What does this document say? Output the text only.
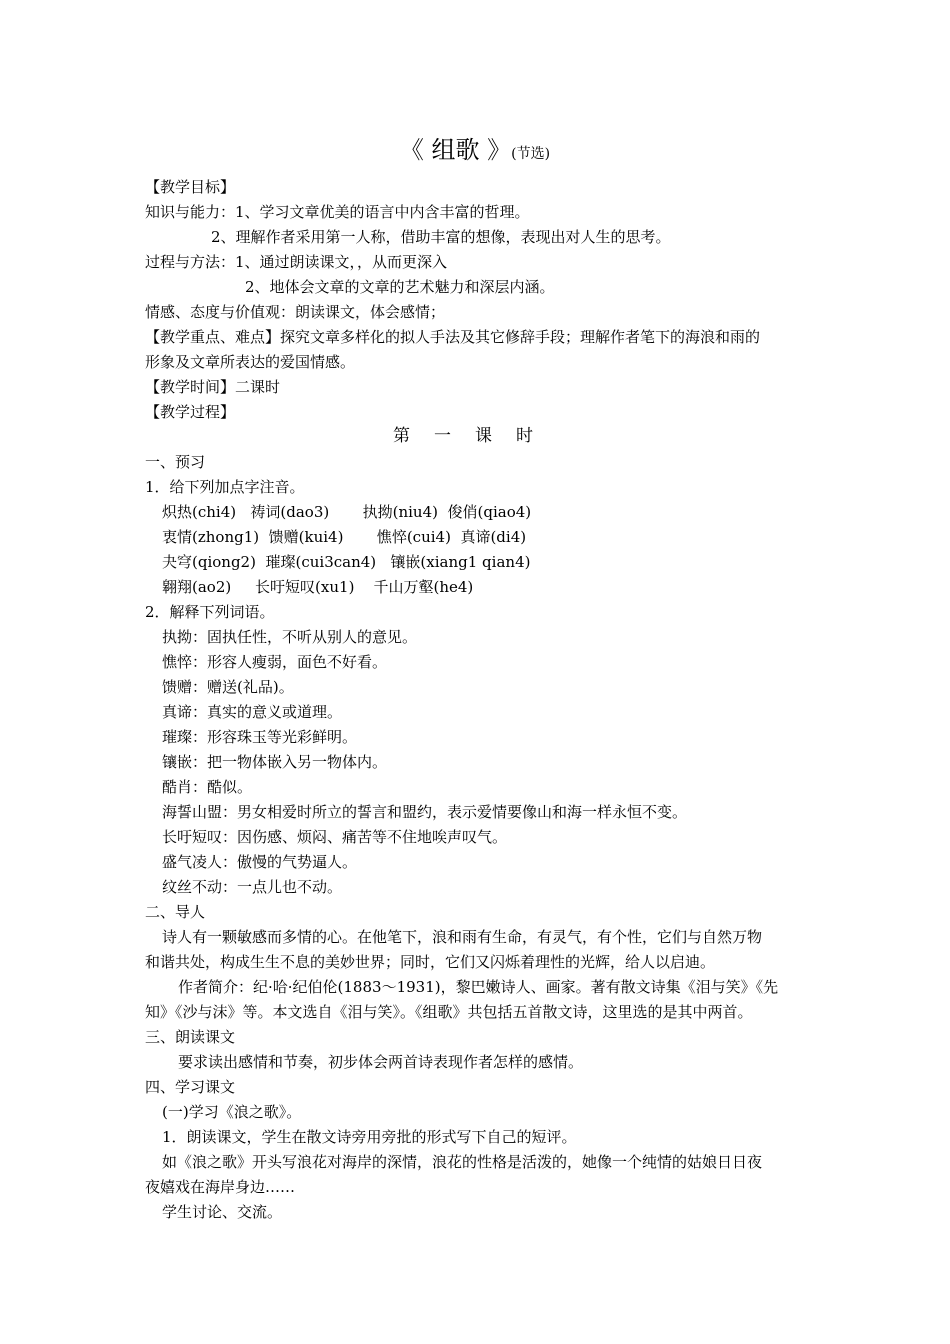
《 组歌 》(节选)
【教学目标】
知识与能力：1、学习文章优美的语言中内含丰富的哲理。
2、理解作者采用第一人称，借助丰富的想像，表现出对人生的思考。
过程与方法：1、通过朗读课文，，从而更深入
2、地体会文章的文章的艺术魅力和深层内涵。
情感、态度与价值观：朗读课文，体会感情；
【教学重点、难点】探究文章多样化的拟人手法及其它修辞手段；理解作者笔下的海浪和雨的
形象及文章所表达的爱国情感。
【教学时间】二课时
【教学过程】
第一课时
一、预习
1．给下列加点字注音。
炽热(chi4)   祷词(dao3)       执拗(niu4)  俊俏(qiao4)
衷情(zhong1)  馈赠(kui4)       憔悴(cui4)  真谛(di4)
夬穹(qiong2)  璀璨(cui3can4)   镶嵌(xiang1 qian4)
翱翔(ao2)     长吁短叹(xu1)    千山万壑(he4)
2．解释下列词语。
执拗：固执任性，不听从别人的意见。
憔悴：形容人瘦弱，面色不好看。
馈赠：赠送(礼品)。
真谛：真实的意义或道理。
璀璨：形容珠玉等光彩鲜明。
镶嵌：把一物体嵌入另一物体内。
酷肖：酷似。
海誓山盟：男女相爱时所立的誓言和盟约，表示爱情要像山和海一样永恒不变。
长吁短叹：因伤感、烦闷、痛苦等不住地唉声叹气。
盛气凌人：傲慢的气势逼人。
纹丝不动：一点儿也不动。
二、导人
诗人有一颗敏感而多情的心。在他笔下，浪和雨有生命，有灵气，有个性，它们与自然万物
和谐共处，构成生生不息的美妙世界；同时，它们又闪烁着理性的光辉，给人以启迪。
作者简介：纪·哈·纪伯伦(1883～1931)，黎巴嫩诗人、画家。著有散文诗集《泪与笑》《先
知》《沙与沫》等。本文选自《泪与笑》。《组歌》共包括五首散文诗，这里选的是其中两首。
三、朗读课文
要求读出感情和节奏，初步体会两首诗表现作者怎样的感情。
四、学习课文
(一)学习《浪之歌》。
1．朗读课文，学生在散文诗旁用旁批的形式写下自己的短评。
如《浪之歌》开头写浪花对海岸的深情，浪花的性格是活泼的，她像一个纯情的姑娘日日夜
夜嬉戏在海岸身边……
学生讨论、交流。
